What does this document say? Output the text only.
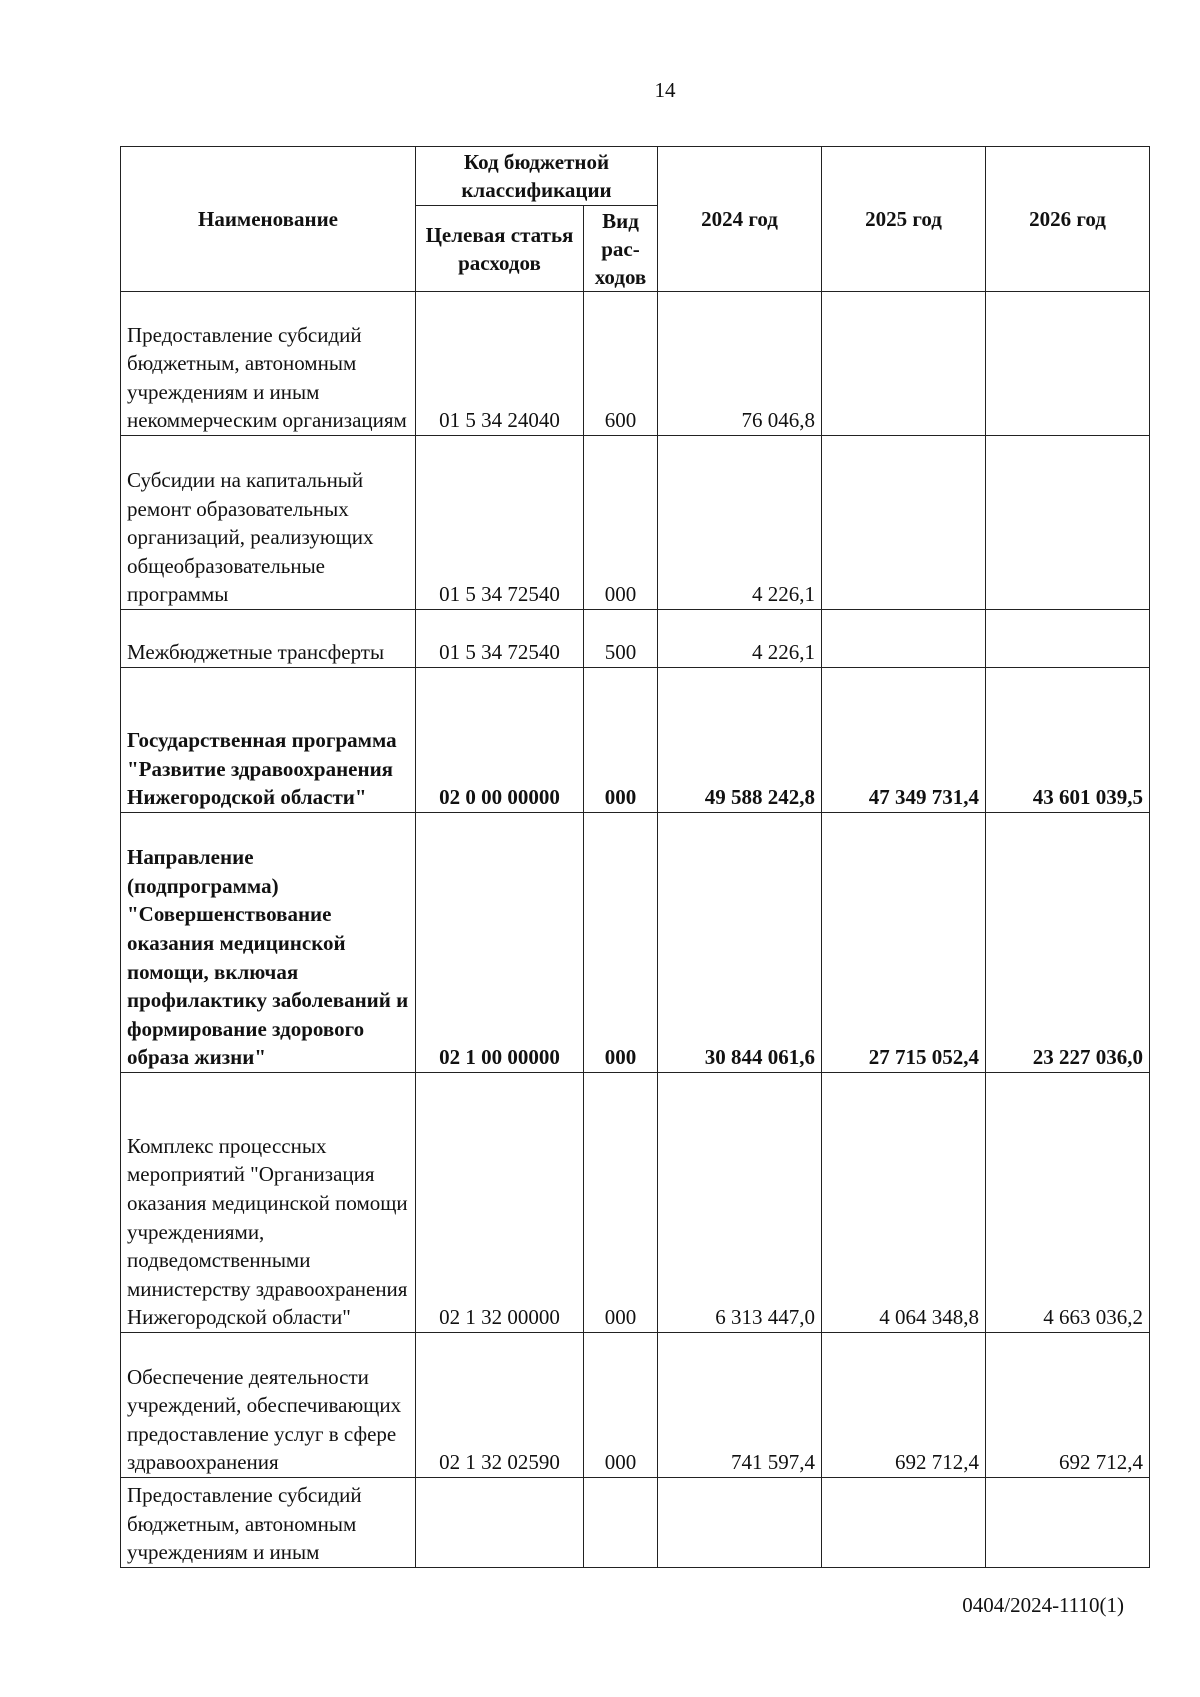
14
Наименование	Код бюджетной классификации		2024 год	2025 год	2026 год
	Целевая статья расходов	Вид рас-ходов			
Предоставление субсидий бюджетным, автономным учреждениям и иным некоммерческим организациям	01 5 34 24040	600	76 046,8		
Субсидии на капитальный ремонт образовательных организаций, реализующих общеобразовательные программы	01 5 34 72540	000	4 226,1		
Межбюджетные трансферты	01 5 34 72540	500	4 226,1		
Государственная программа "Развитие здравоохранения Нижегородской области"	02 0 00 00000	000	49 588 242,8	47 349 731,4	43 601 039,5
Направление (подпрограмма) "Совершенствование оказания медицинской помощи, включая профилактику заболеваний и формирование здорового образа жизни"	02 1 00 00000	000	30 844 061,6	27 715 052,4	23 227 036,0
Комплекс процессных мероприятий "Организация оказания медицинской помощи учреждениями, подведомственными министерству здравоохранения Нижегородской области"	02 1 32 00000	000	6 313 447,0	4 064 348,8	4 663 036,2
Обеспечение деятельности учреждений, обеспечивающих предоставление услуг в сфере здравоохранения	02 1 32 02590	000	741 597,4	692 712,4	692 712,4
Предоставление субсидий бюджетным, автономным учреждениям и иным					
0404/2024-1110(1)
